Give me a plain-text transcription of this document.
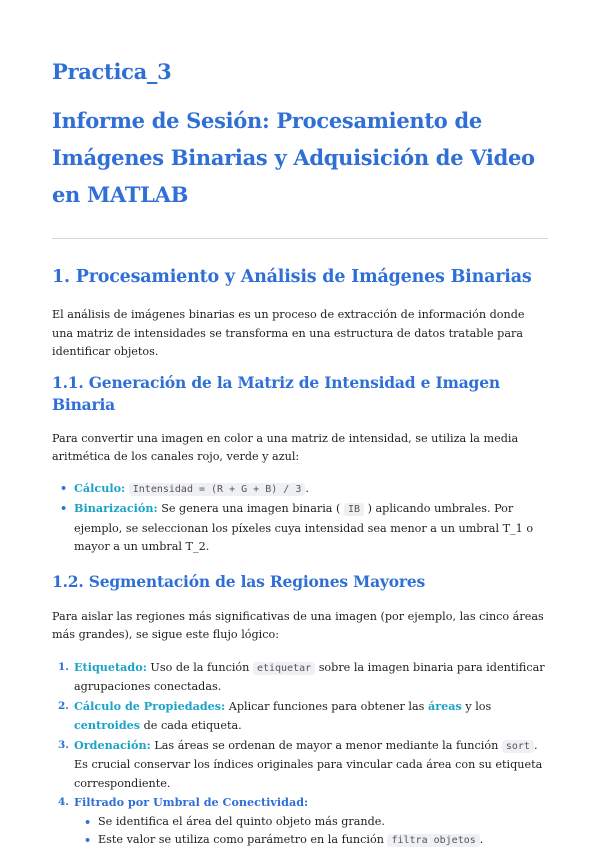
Practica_3
Informe de Sesión: Procesamiento de Imágenes Binarias y Adquisición de Video en MATLAB
1. Procesamiento y Análisis de Imágenes Binarias

El análisis de imágenes binarias es un proceso de extracción de información donde una matriz de intensidades se transforma en una estructura de datos tratable para identificar objetos.

1.1. Generación de la Matriz de Intensidad e Imagen Binaria

Para convertir una imagen en color a una matriz de intensidad, se utiliza la media aritmética de los canales rojo, verde y azul:

• Cálculo: Intensidad = (R + G + B) / 3 .
• Binarización: Se genera una imagen binaria ( IB ) aplicando umbrales. Por ejemplo, se seleccionan los píxeles cuya intensidad sea menor a un umbral T_1 o mayor a un umbral T_2.
1.2. Segmentación de las Regiones Mayores

Para aislar las regiones más significativas de una imagen (por ejemplo, las cinco áreas más grandes), se sigue este flujo lógico:

1. Etiquetado: Uso de la función etiquetar sobre la imagen binaria para identificar agrupaciones conectadas.
2. Cálculo de Propiedades: Aplicar funciones para obtener las áreas y los centroides de cada etiqueta.
3. Ordenación: Las áreas se ordenan de mayor a menor mediante la función sort . Es crucial conservar los índices originales para vincular cada área con su etiqueta correspondiente.
4. Filtrado por Umbral de Conectividad:
• Se identifica el área del quinto objeto más grande.
• Este valor se utiliza como parámetro en la función filtra objetos .
